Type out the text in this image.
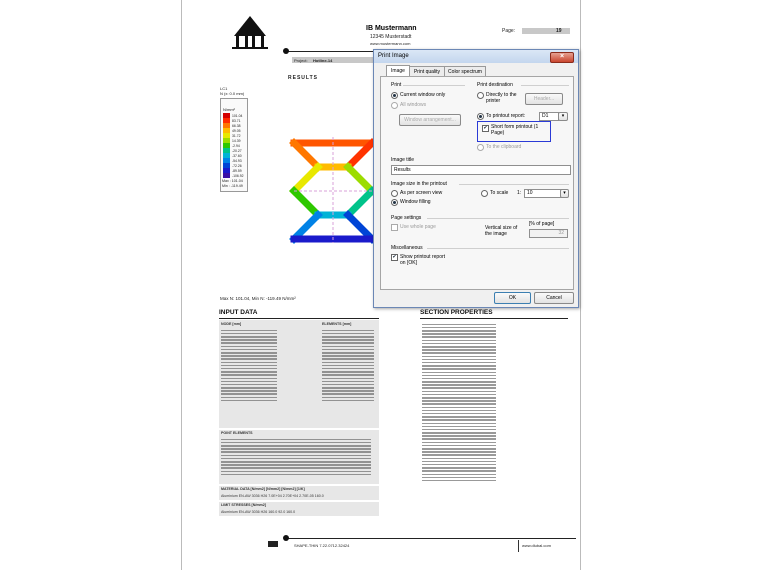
IB Mustermann
12345 Musterstadt
www.mustermann.com
Page:	19
Project: Hotline-14
RESULTS
LC1
N (x: 0.0 mm)
N/mm²
101.04
83.71
66.38
49.05
31.72
14.39
-2.94
-20.27
-37.60
-54.93
-72.26
-89.59
-106.92
Max : 101.04
Min : -119.49
Max N: 101.04, Min N: -119.49 N/mm²
INPUT DATA
NODE [mm]	ELEMENTS [mm]
POINT ELEMENTS
MATERIAL DATA [N/mm2] [N/mm2] [N/mm2] [1/K]
Aluminium EN-AW 3036 H26 7.0E+04 2.70E+04 2.70E-05 160.0
LIMIT STRESSES [N/mm2]
Aluminium EN-AW 3036 H26 160.0 92.0 160.0
SECTION PROPERTIES
SHAPE-THIN 7.22.0712.32424	www.dlubal.com
Print Image	×
Image	Print quality	Color spectrum
Print
Current window only
All windows
Window arrangement...
Print destination
Directly to the printer	Header...
To printout report:	D1	▾
✔ Short form printout (1 Page)
To the clipboard
Image title
Results
Image size in the printout
As per screen view
Window filling
To scale 1:	10	▾
Page settings
Use whole page	Vertical size of the image
[% of page]
32
Miscellaneous
✔ Show printout report on [OK]
OK	Cancel
